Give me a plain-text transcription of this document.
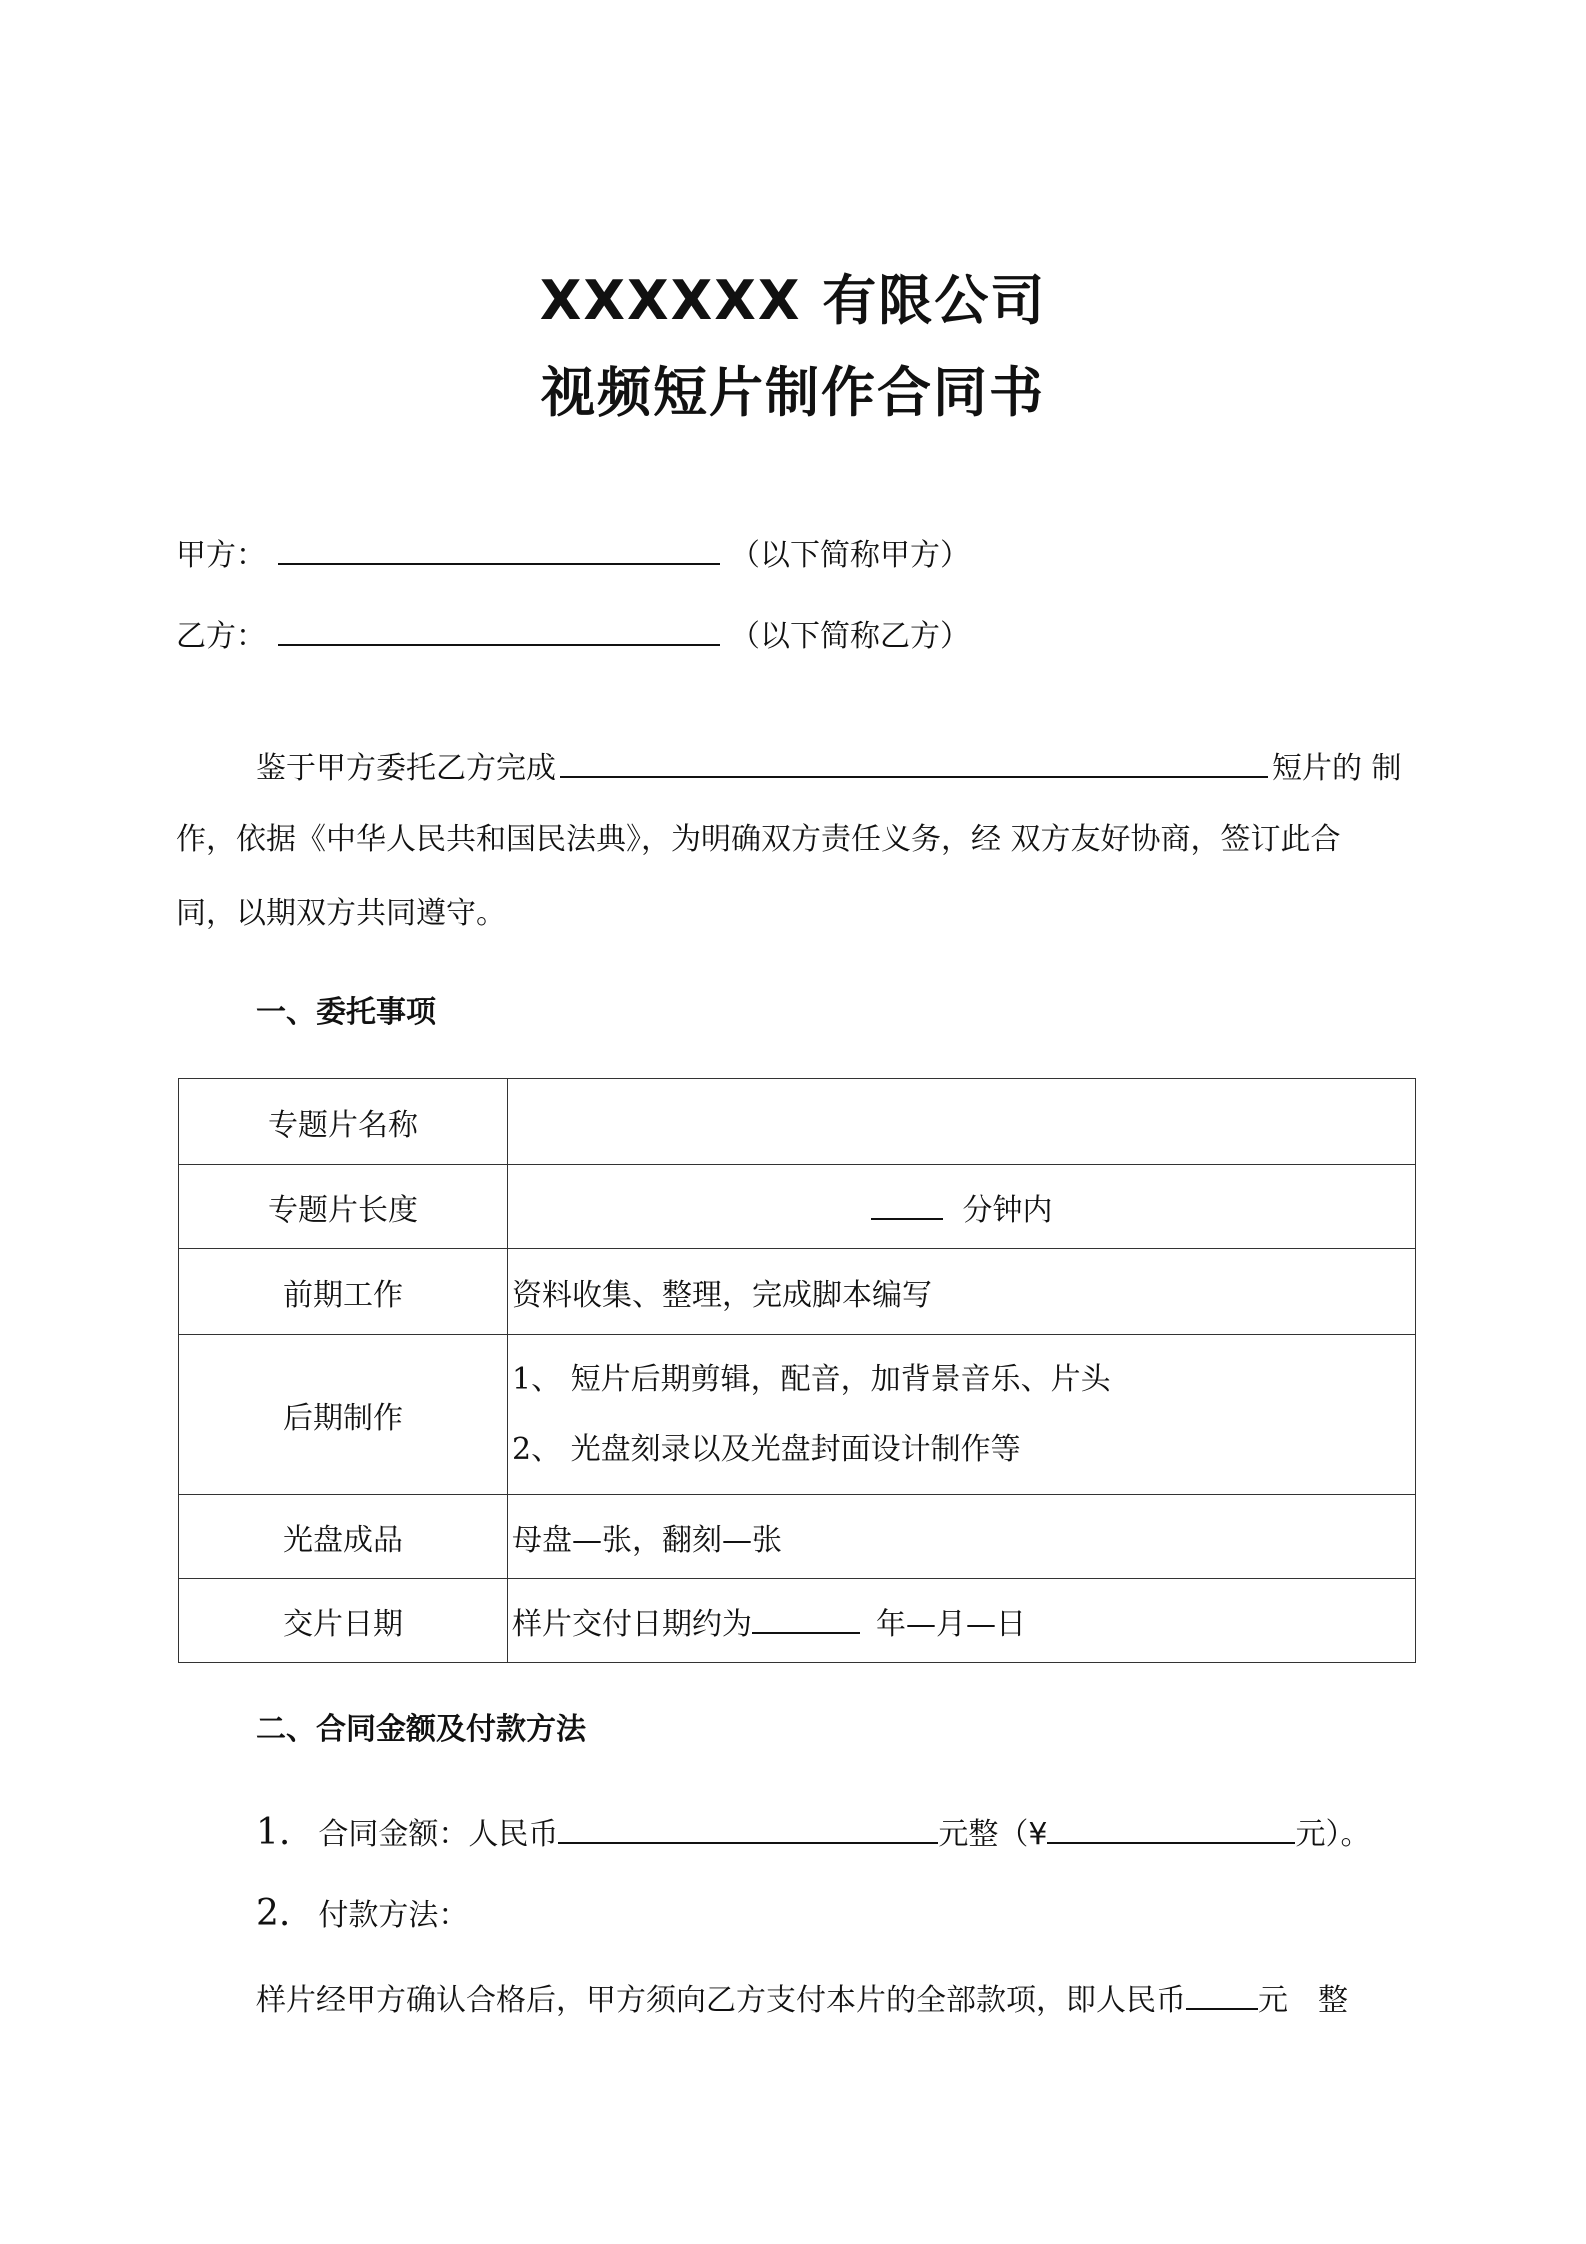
XXXXXX 有限公司
视频短片制作合同书
甲方：	（以下简称甲方）
乙方：	（以下简称乙方）
鉴于甲方委托乙方完成	短片的 制
作，依据《中华人民共和国民法典》，为明确双方责任义务，经 双方友好协商，签订此合
同，以期双方共同遵守。
一、委托事项
专题片名称	
专题片长度	分钟内
前期工作	资料收集、整理，完成脚本编写
后期制作	1、 短片后期剪辑，配音，加背景音乐、片头
2、 光盘刻录以及光盘封面设计制作等

光盘成品	母盘—张，翻刻—张
交片日期	样片交付日期约为 年—月—日
二、合同金额及付款方法
1. 合同金额：人民币	元整（¥	元）。
2. 付款方法：
样片经甲方确认合格后，甲方须向乙方支付本片的全部款项，即人民币 元　整
